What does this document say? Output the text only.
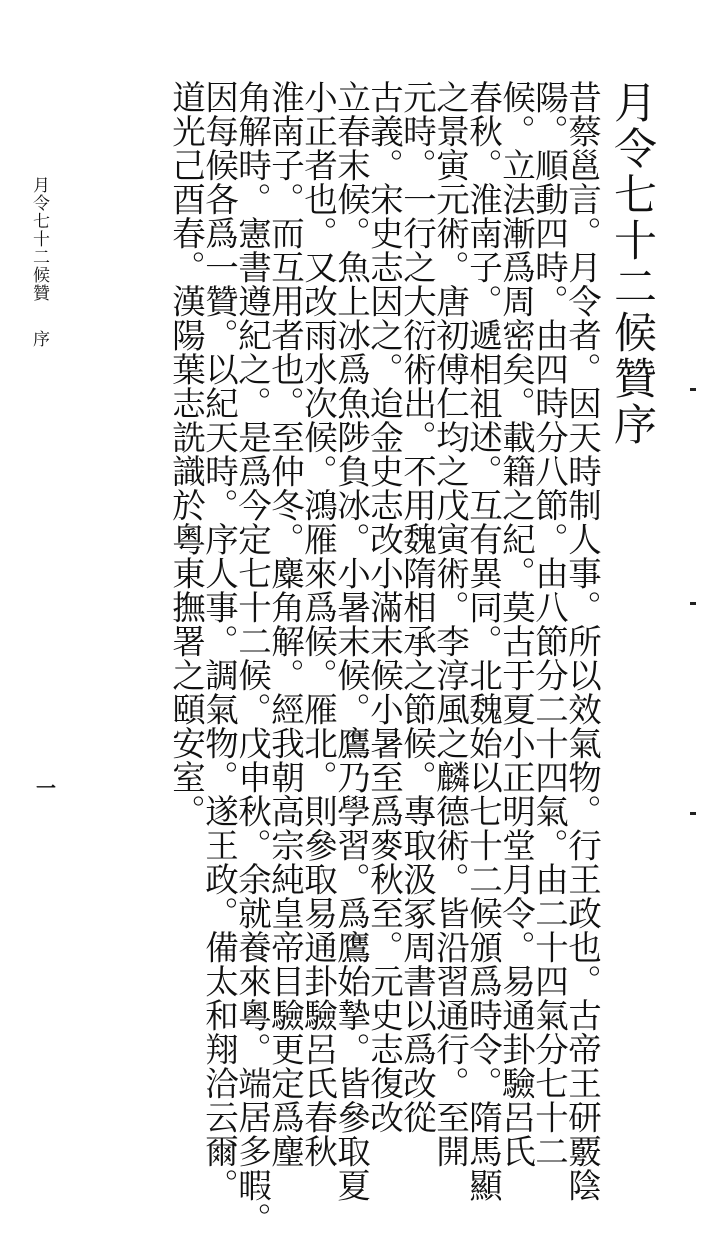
月令七十二候贊序
昔蔡邕言。月令者。因天時制人事。所以效氣物。行王政也。古帝王研覈陰
陽。順動四時。由四時分八節。由八節分二十四氣。由二十四氣分七十二
候。立法漸爲周密矣。載籍之紀。莫古于夏小正明堂月令。易通卦驗呂氏
春秋。淮南子。遞相祖述。互有異同。北魏始以七十二候頒爲時令。隋馬顯
之景寅元術。唐初傅仁均之戊寅術。李淳風之麟德術。皆沿習通行。至開
元時。一行之大衍術出。不用魏隋相承之節候。專取汲冢周書以爲改從
古義。宋史志因之。迨金史志改小滿末候小暑至爲麥秋至。元史志復改
立春末候。魚上冰爲魚陟負冰。小暑末候。鷹乃學習。爲鷹始摯。皆參取夏
小正者也。又改雨水次候。鴻雁來爲候。雁北。則參取易通卦驗呂氏春秋
淮南子。而互用者也。至仲冬。麋角解。經我朝高宗純皇帝目驗更定爲麈
角解時。憲書遵紀之。是爲今定七十二候。戊申秋。余就養來粵。端居多暇。
因每候各爲一贊。以紀天時。序人事。調氣物。遂王政。備太和翔洽云爾。
道光己酉春。漢陽葉志詵識於粵東撫署之頤安室。
月令七十二候贊
序
一
